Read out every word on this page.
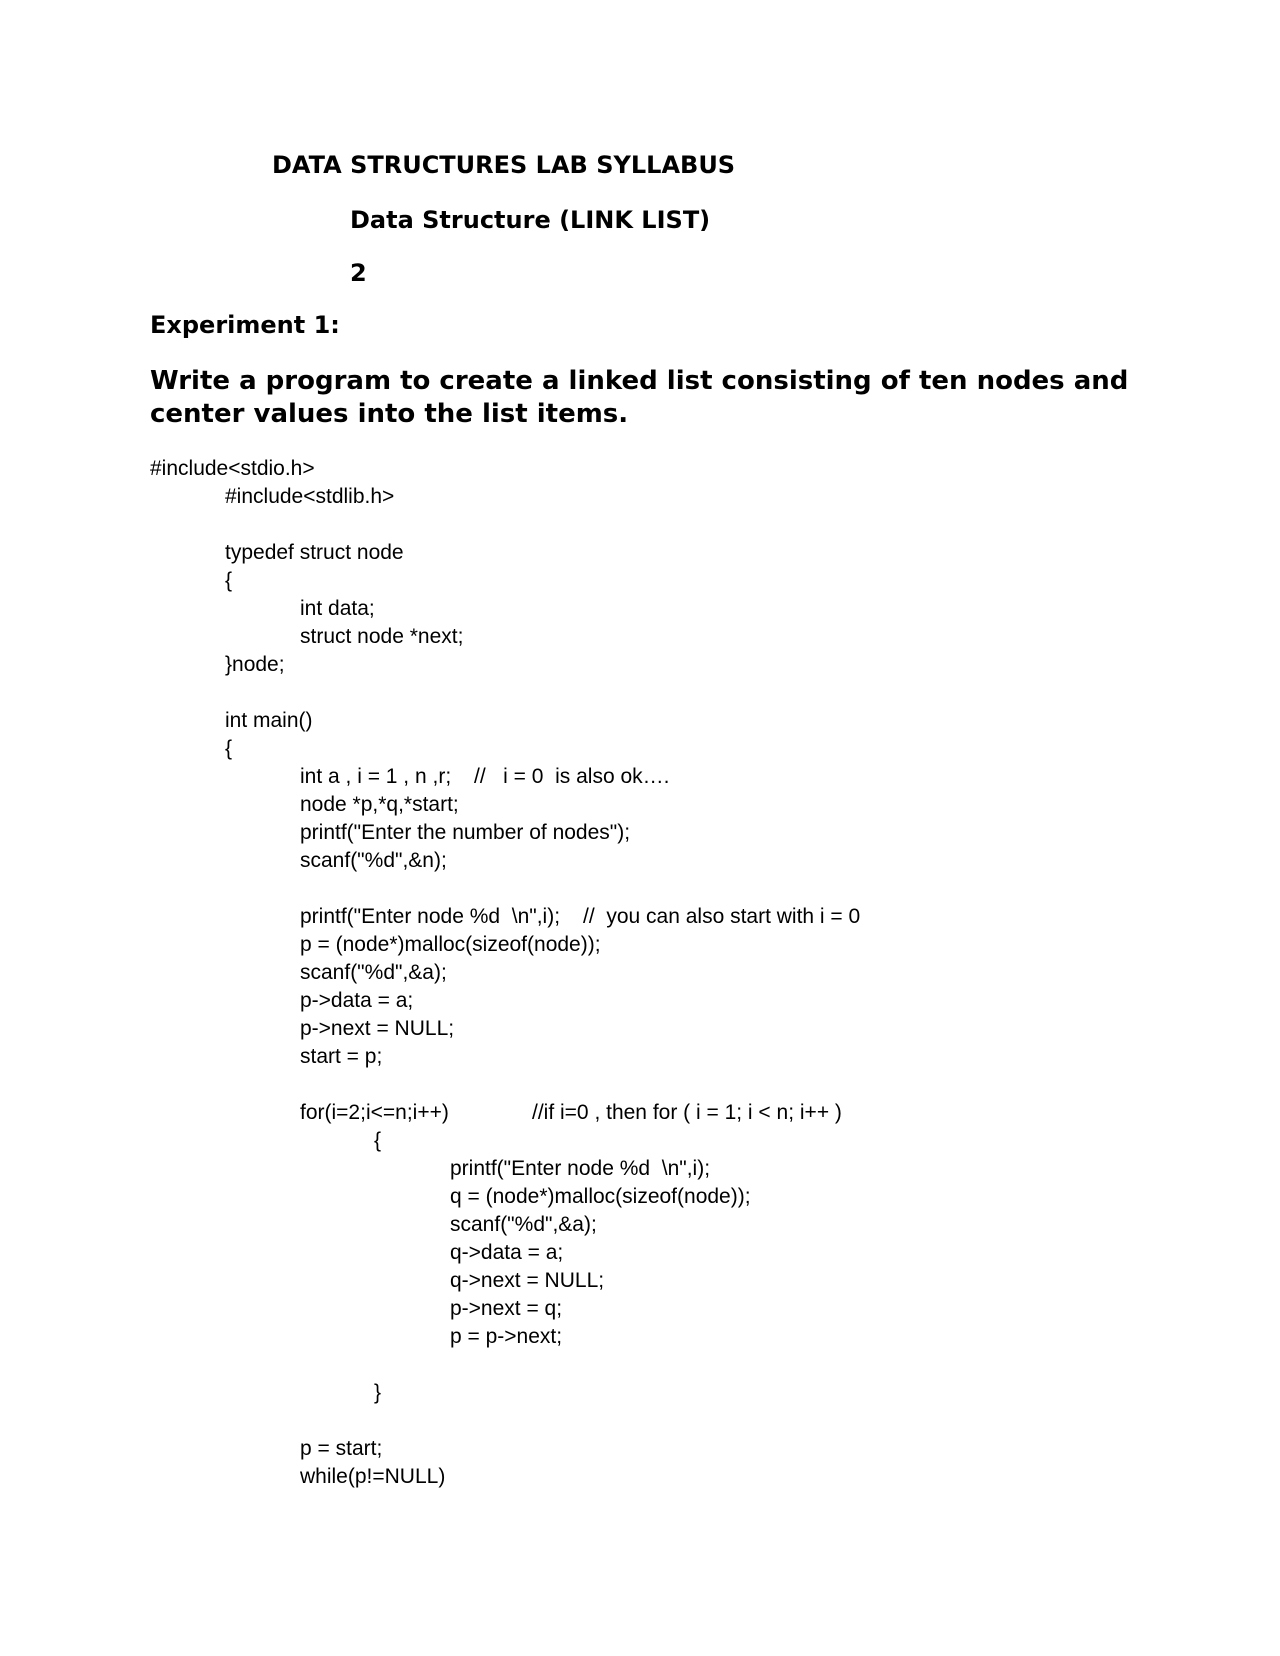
DATA STRUCTURES LAB SYLLABUS
Data Structure (LINK LIST)
2
Experiment 1:
Write a program to create a linked list consisting of ten nodes and center values into the list items.
#include<stdio.h>
#include<stdlib.h>
typedef struct node
{
int data;
struct node *next;
}node;
int main()
{
int a , i = 1 , n ,r; //   i = 0  is also ok….
node *p,*q,*start;
printf("Enter the number of nodes");
scanf("%d",&n);
printf("Enter node %d  \n",i); //  you can also start with i = 0
p = (node*)malloc(sizeof(node));
scanf("%d",&a);
p->data = a;
p->next = NULL;
start = p;
for(i=2;i<=n;i++)	//if i=0 , then for ( i = 1; i < n; i++ )
{
printf("Enter node %d  \n",i);
q = (node*)malloc(sizeof(node));
scanf("%d",&a);
q->data = a;
q->next = NULL;
p->next = q;
p = p->next;
}
p = start;
while(p!=NULL)
